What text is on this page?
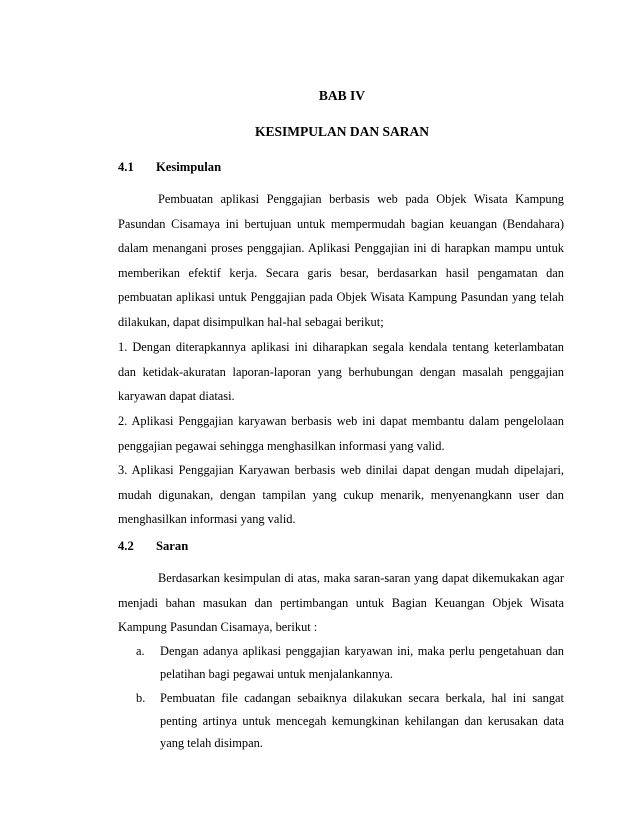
BAB IV
KESIMPULAN DAN SARAN
4.1 Kesimpulan

Pembuatan aplikasi Penggajian berbasis web pada Objek Wisata Kampung Pasundan Cisamaya ini bertujuan untuk mempermudah bagian keuangan (Bendahara) dalam menangani proses penggajian. Aplikasi Penggajian ini di harapkan mampu untuk memberikan efektif kerja. Secara garis besar, berdasarkan hasil pengamatan dan pembuatan aplikasi untuk Penggajian pada Objek Wisata Kampung Pasundan yang telah dilakukan, dapat disimpulkan hal-hal sebagai berikut;

1. Dengan diterapkannya aplikasi ini diharapkan segala kendala tentang keterlambatan dan ketidak-akuratan laporan-laporan yang berhubungan dengan masalah penggajian karyawan dapat diatasi.

2. Aplikasi Penggajian karyawan berbasis web ini dapat membantu dalam pengelolaan penggajian pegawai sehingga menghasilkan informasi yang valid.

3. Aplikasi Penggajian Karyawan berbasis web dinilai dapat dengan mudah dipelajari, mudah digunakan, dengan tampilan yang cukup menarik, menyenangkann user dan menghasilkan informasi yang valid.

4.2 Saran

Berdasarkan kesimpulan di atas, maka saran-saran yang dapat dikemukakan agar menjadi bahan masukan dan pertimbangan untuk Bagian Keuangan Objek Wisata Kampung Pasundan Cisamaya, berikut :

a. Dengan adanya aplikasi penggajian karyawan ini, maka perlu pengetahuan dan pelatihan bagi pegawai untuk menjalankannya.
b. Pembuatan file cadangan sebaiknya dilakukan secara berkala, hal ini sangat penting artinya untuk mencegah kemungkinan kehilangan dan kerusakan data yang telah disimpan.
